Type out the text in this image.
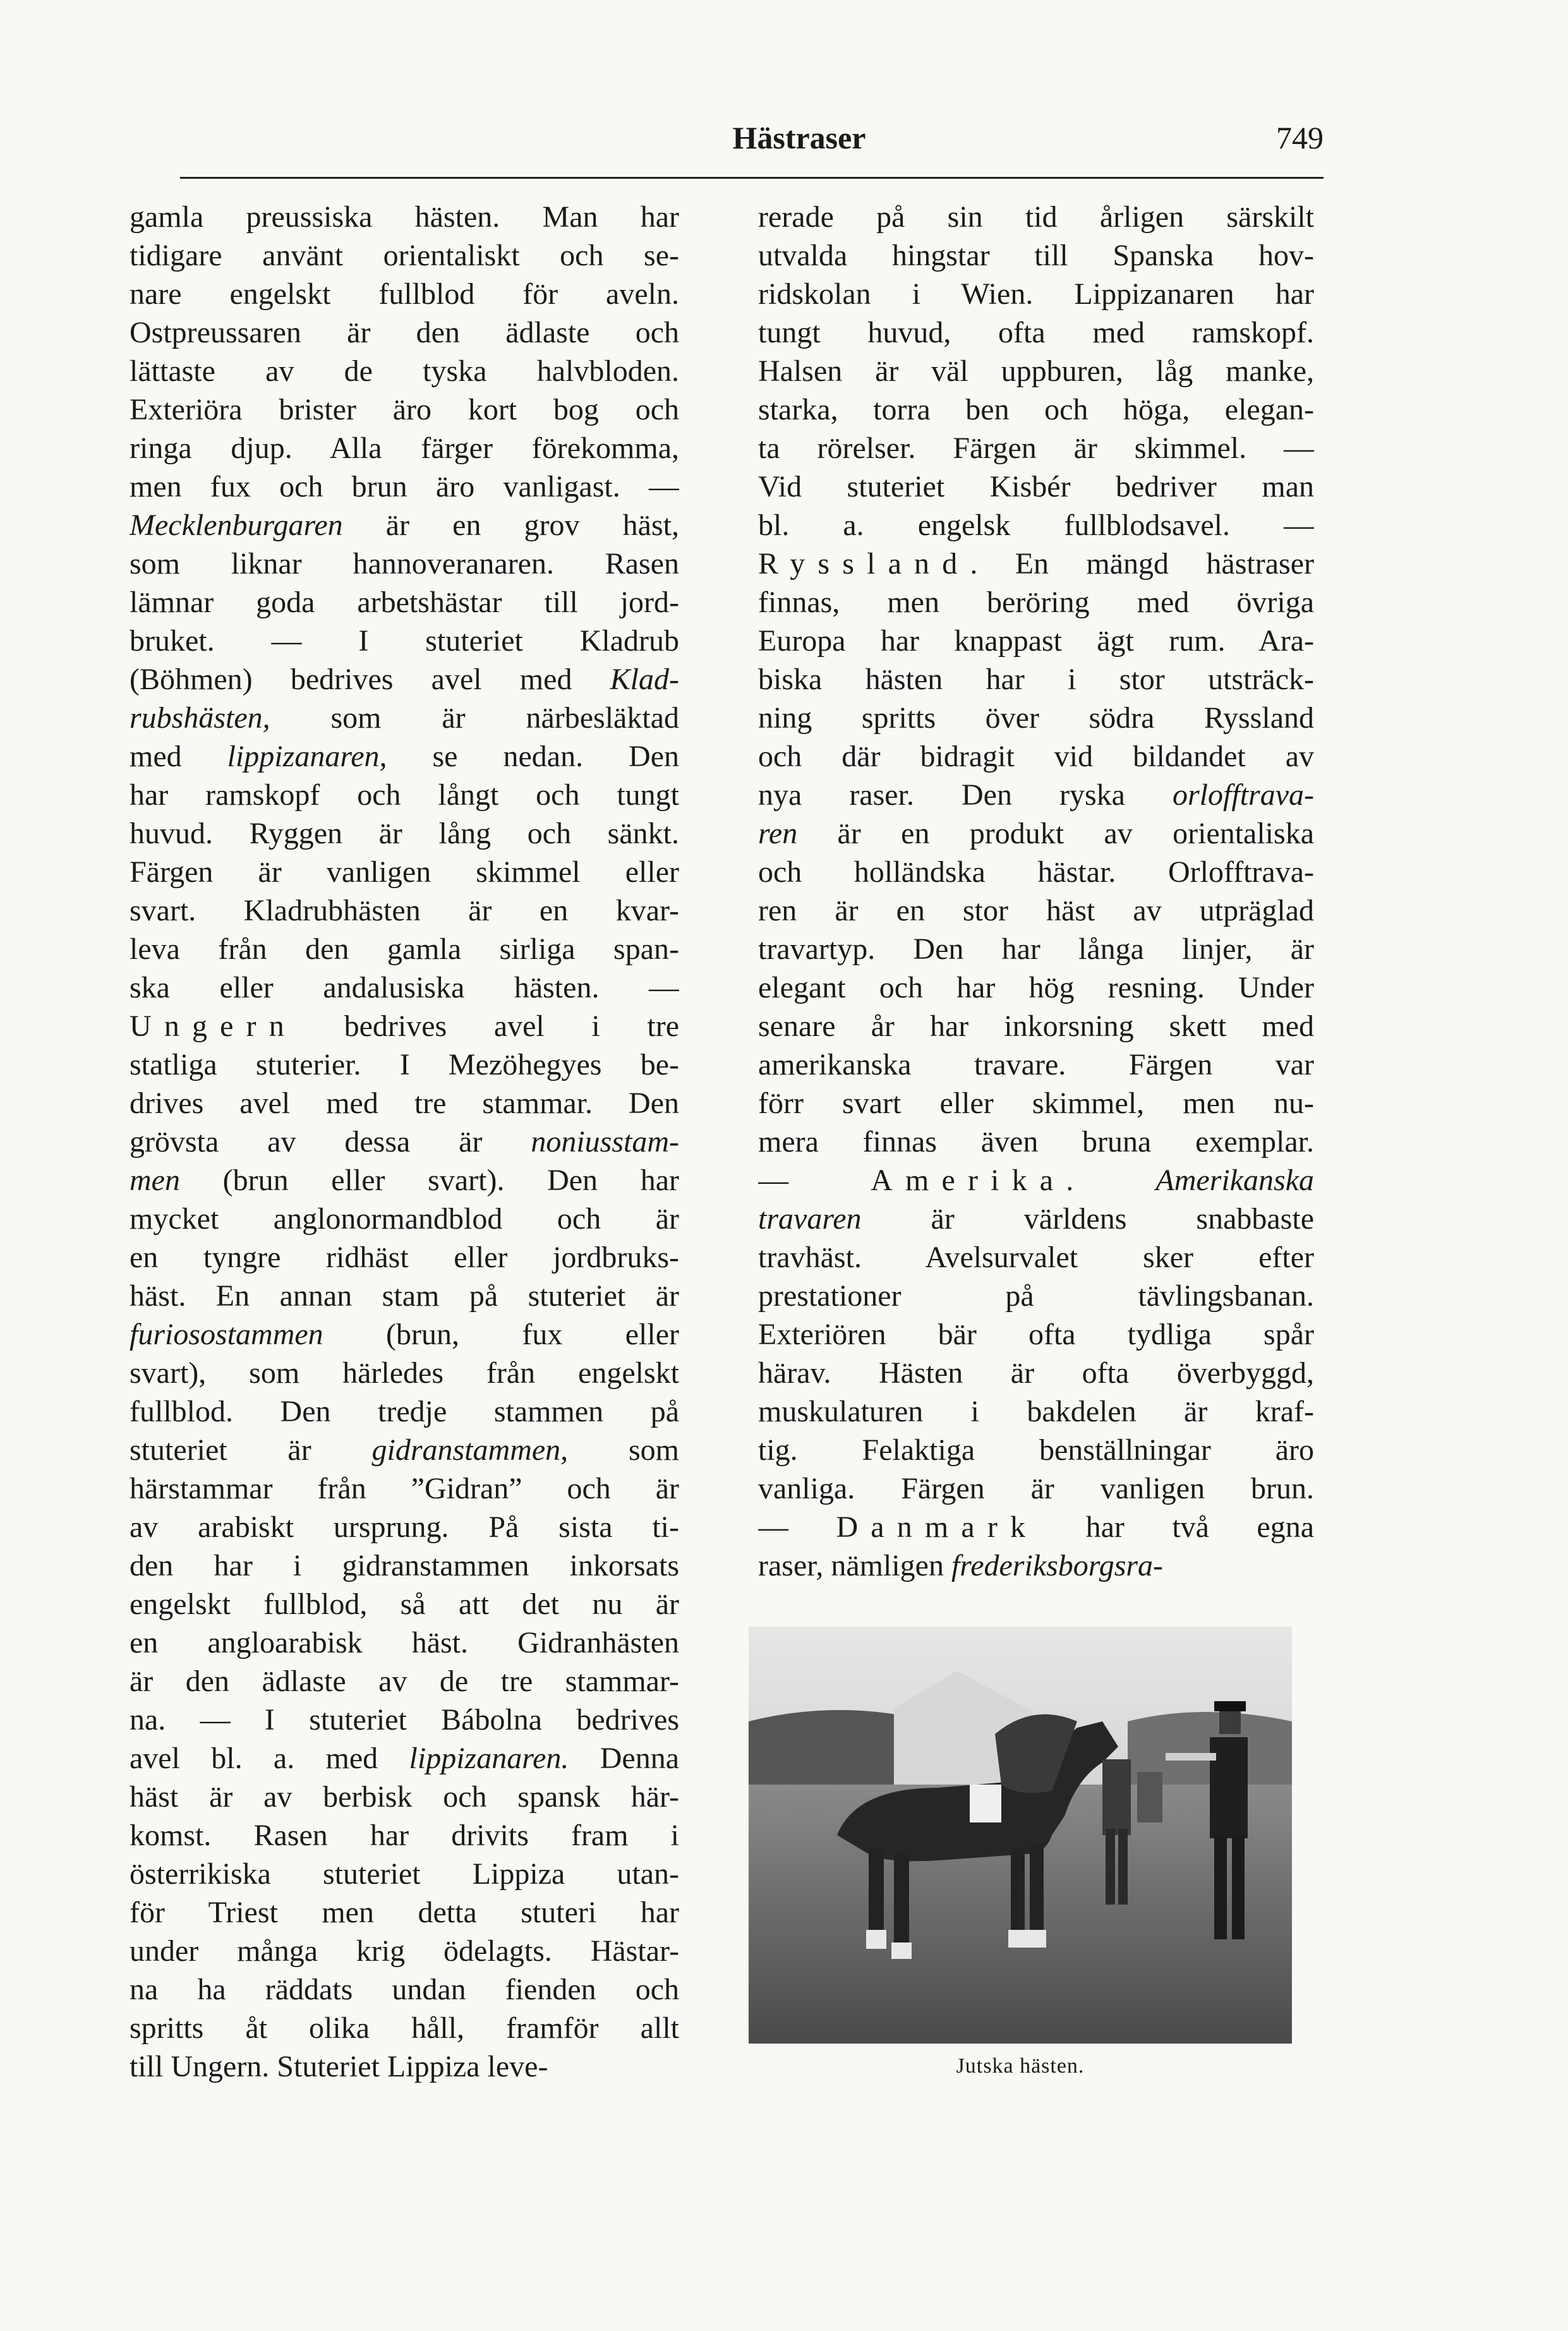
Hästraser	749
gamla preussiska hästen. Man har
tidigare använt orientaliskt och se-
nare engelskt fullblod för aveln.
Ostpreussaren är den ädlaste och
lättaste av de tyska halvbloden.
Exteriöra brister äro kort bog och
ringa djup. Alla färger förekomma,
men fux och brun äro vanligast. —
Mecklenburgaren är en grov häst,
som liknar hannoveranaren. Rasen
lämnar goda arbetshästar till jord-
bruket. — I stuteriet Kladrub
(Böhmen) bedrives avel med Klad-
rubshästen, som är närbesläktad
med lippizanaren, se nedan. Den
har ramskopf och långt och tungt
huvud. Ryggen är lång och sänkt.
Färgen är vanligen skimmel eller
svart. Kladrubhästen är en kvar-
leva från den gamla sirliga span-
ska eller andalusiska hästen. —
Ungern bedrives avel i tre
statliga stuterier. I Mezöhegyes be-
drives avel med tre stammar. Den
grövsta av dessa är noniusstam-
men (brun eller svart). Den har
mycket anglonormandblod och är
en tyngre ridhäst eller jordbruks-
häst. En annan stam på stuteriet är
furiosostammen (brun, fux eller
svart), som härledes från engelskt
fullblod. Den tredje stammen på
stuteriet är gidranstammen, som
härstammar från ”Gidran” och är
av arabiskt ursprung. På sista ti-
den har i gidranstammen inkorsats
engelskt fullblod, så att det nu är
en angloarabisk häst. Gidranhästen
är den ädlaste av de tre stammar-
na. — I stuteriet Bábolna bedrives
avel bl. a. med lippizanaren. Denna
häst är av berbisk och spansk här-
komst. Rasen har drivits fram i
österrikiska stuteriet Lippiza utan-
för Triest men detta stuteri har
under många krig ödelagts. Hästar-
na ha räddats undan fienden och
spritts åt olika håll, framför allt
till Ungern. Stuteriet Lippiza leve-
rerade på sin tid årligen särskilt
utvalda hingstar till Spanska hov-
ridskolan i Wien. Lippizanaren har
tungt huvud, ofta med ramskopf.
Halsen är väl uppburen, låg manke,
starka, torra ben och höga, elegan-
ta rörelser. Färgen är skimmel. —
Vid stuteriet Kisbér bedriver man
bl. a. engelsk fullblodsavel. —
Ryssland. En mängd hästraser
finnas, men beröring med övriga
Europa har knappast ägt rum. Ara-
biska hästen har i stor utsträck-
ning spritts över södra Ryssland
och där bidragit vid bildandet av
nya raser. Den ryska orlofftrava-
ren är en produkt av orientaliska
och holländska hästar. Orlofftrava-
ren är en stor häst av utpräglad
travartyp. Den har långa linjer, är
elegant och har hög resning. Under
senare år har inkorsning skett med
amerikanska travare. Färgen var
förr svart eller skimmel, men nu-
mera finnas även bruna exemplar.
— Amerika. Amerikanska
travaren är världens snabbaste
travhäst. Avelsurvalet sker efter
prestationer på tävlingsbanan.
Exteriören bär ofta tydliga spår
härav. Hästen är ofta överbyggd,
muskulaturen i bakdelen är kraf-
tig. Felaktiga benställningar äro
vanliga. Färgen är vanligen brun.
— Danmark har två egna
raser, nämligen frederiksborgsra-
Jutska hästen.
